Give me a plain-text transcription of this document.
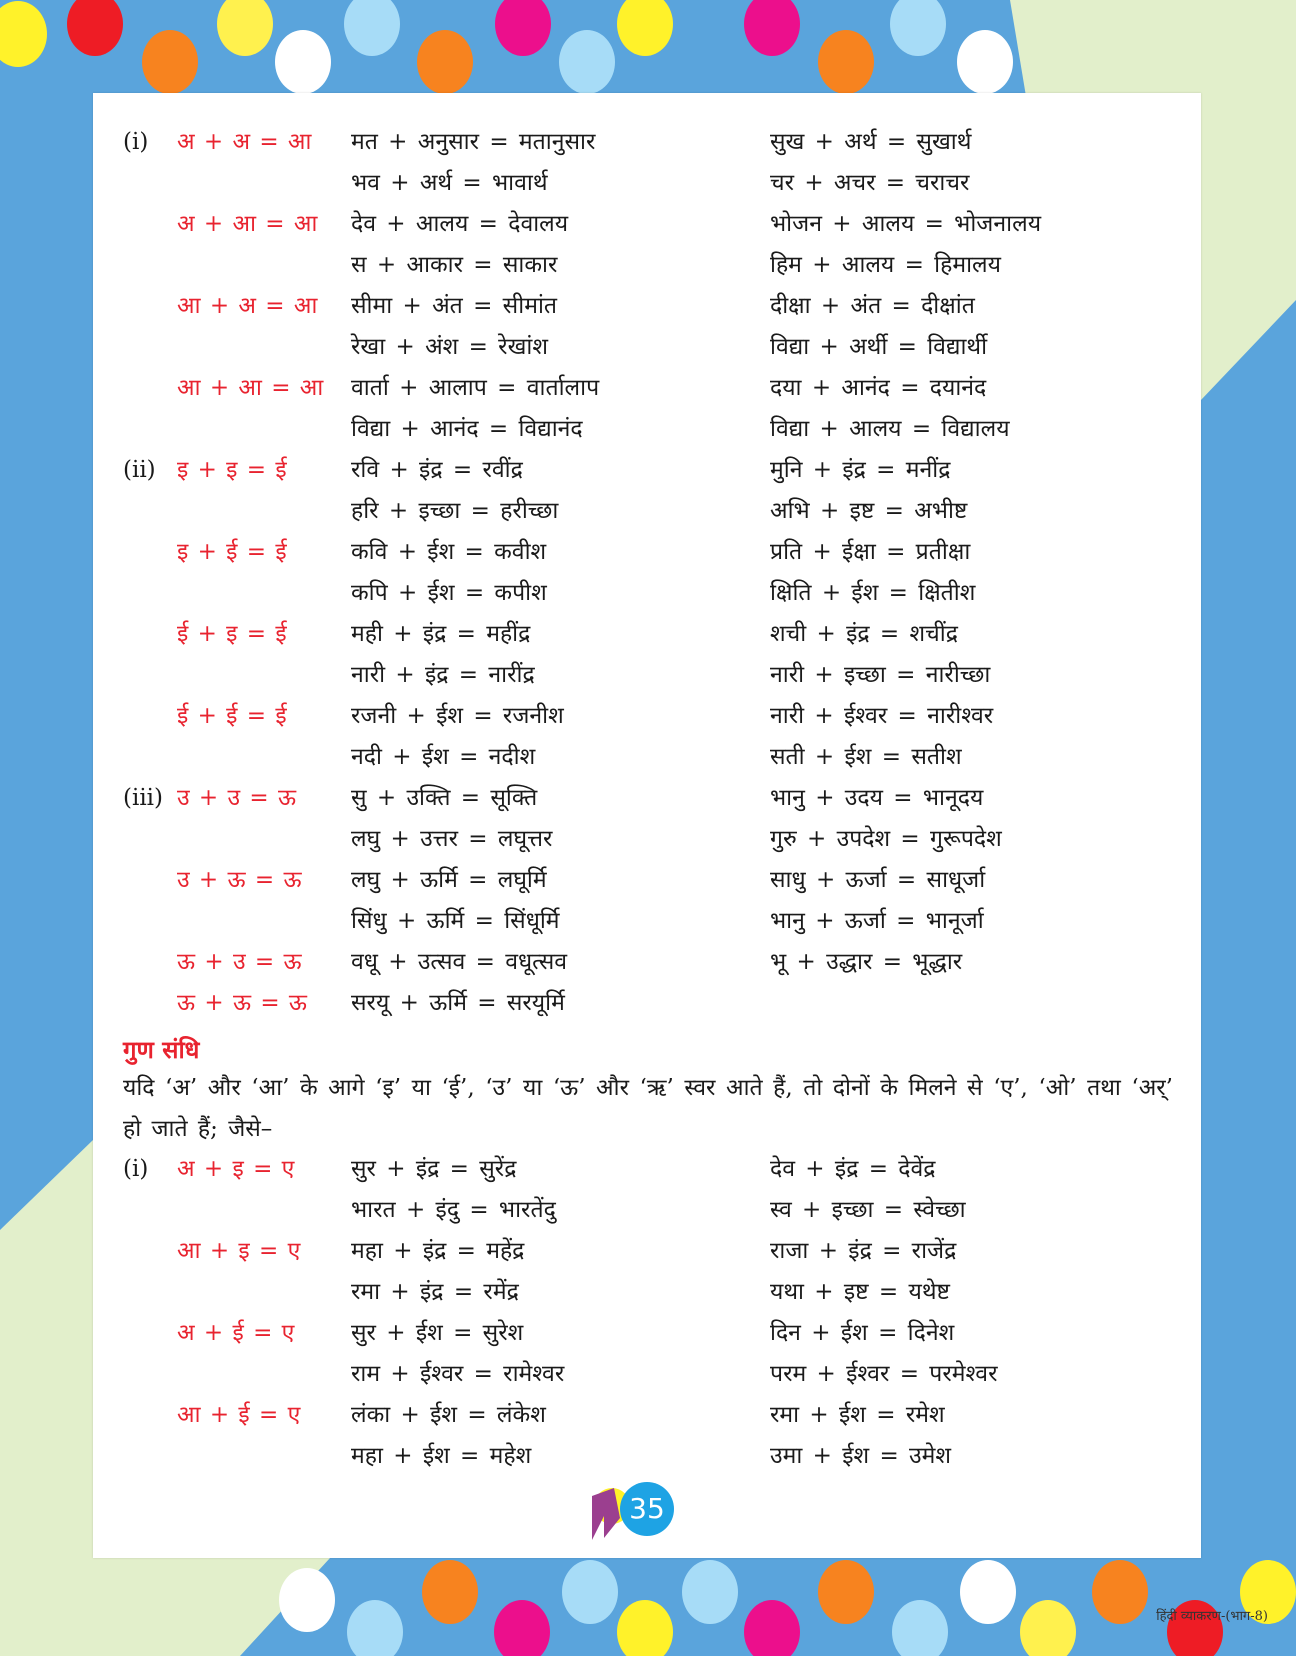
(i) अ + अ = आ मत + अनुसार = मतानुसार	सुख + अर्थ = सुखार्थ
भव + अर्थ = भावार्थ	चर + अचर = चराचर
अ + आ = आ देव + आलय = देवालय	भोजन + आलय = भोजनालय
स + आकार = साकार	हिम + आलय = हिमालय
आ + अ = आ सीमा + अंत = सीमांत	दीक्षा + अंत = दीक्षांत
रेखा + अंश = रेखांश	विद्या + अर्थी = विद्यार्थी
आ + आ = आ वार्ता + आलाप = वार्तालाप	दया + आनंद = दयानंद
विद्या + आनंद = विद्यानंद	विद्या + आलय = विद्यालय
(ii) इ + इ = ई	रवि + इंद्र = रवींद्र	मुनि + इंद्र = मनींद्र
हरि + इच्छा = हरीच्छा	अभि + इष्ट = अभीष्ट
इ + ई = ई	कवि + ईश = कवीश	प्रति + ईक्षा = प्रतीक्षा
कपि + ईश = कपीश	क्षिति + ईश = क्षितीश
ई + इ = ई	मही + इंद्र = महींद्र	शची + इंद्र = शचींद्र
नारी + इंद्र = नारींद्र	नारी + इच्छा = नारीच्छा
ई + ई = ई	रजनी + ईश = रजनीश	नारी + ईश्वर = नारीश्वर
नदी + ईश = नदीश	सती + ईश = सतीश
(iii) उ + उ = ऊ सु + उक्ति = सूक्ति	भानु + उदय = भानूदय
लघु + उत्तर = लघूत्तर	गुरु + उपदेश = गुरूपदेश
उ + ऊ = ऊ लघु + ऊर्मि = लघूर्मि	साधु + ऊर्जा = साधूर्जा
सिंधु + ऊर्मि = सिंधूर्मि	भानु + ऊर्जा = भानूर्जा
ऊ + उ = ऊ वधू + उत्सव = वधूत्सव	भू + उद्धार = भूद्धार
ऊ + ऊ = ऊ सरयू + ऊर्मि = सरयूर्मि
गुण संधि
यदि ‘अ’ और ‘आ’ के आगे ‘इ’ या ‘ई’, ‘उ’ या ‘ऊ’ और ‘ऋ’ स्वर आते हैं, तो दोनों के मिलने से ‘ए’, ‘ओ’ तथा ‘अर्’ हो जाते हैं; जैसे–
(i) अ + इ = ए सुर + इंद्र = सुरेंद्र	देव + इंद्र = देवेंद्र
भारत + इंदु = भारतेंदु	स्व + इच्छा = स्वेच्छा
आ + इ = ए महा + इंद्र = महेंद्र	राजा + इंद्र = राजेंद्र
रमा + इंद्र = रमेंद्र	यथा + इष्ट = यथेष्ट
अ + ई = ए सुर + ईश = सुरेश	दिन + ईश = दिनेश
राम + ईश्वर = रामेश्वर	परम + ईश्वर = परमेश्वर
आ + ई = ए लंका + ईश = लंकेश	रमा + ईश = रमेश
महा + ईश = महेश	उमा + ईश = उमेश
हिंदी व्याकरण-(भाग-8)
35
